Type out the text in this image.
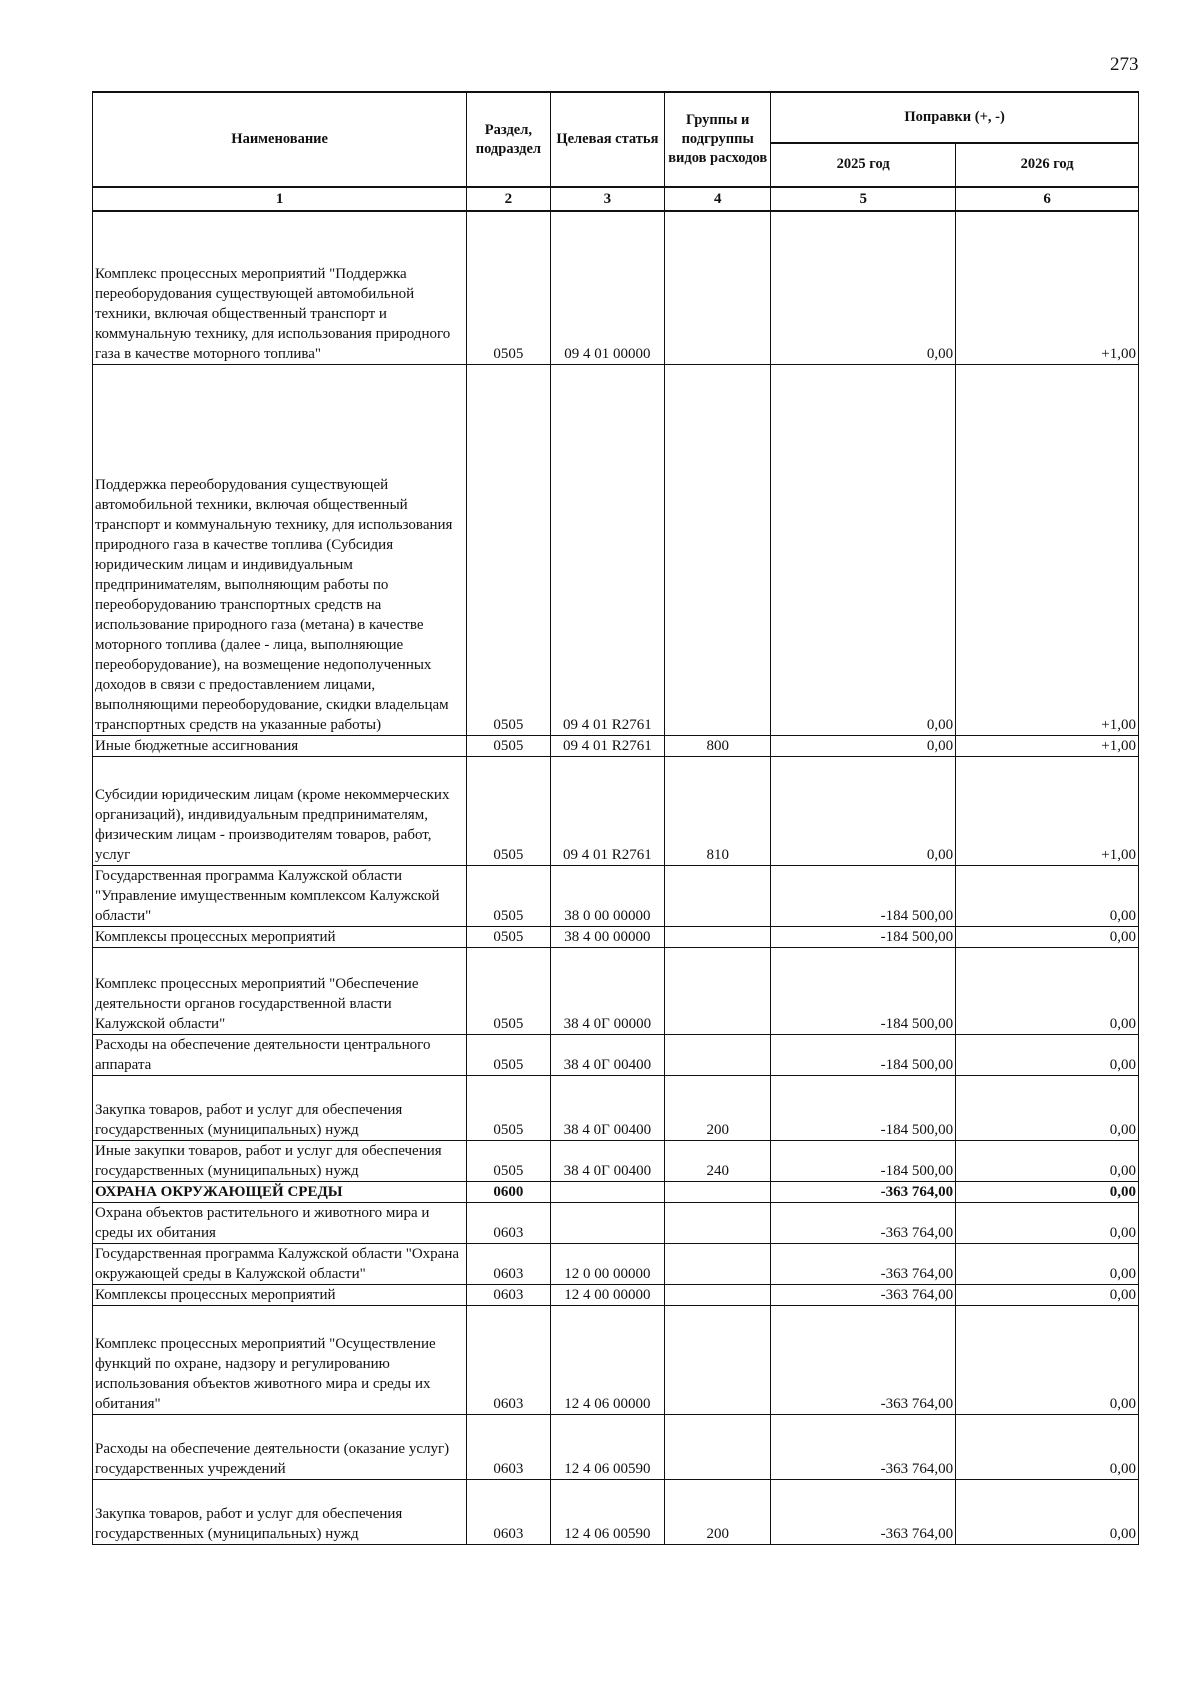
273
Наименование	Раздел, подраздел	Целевая статья	Группы и подгруппы видов расходов	Поправки (+, -)	
				2025 год	2026 год
1	2	3	4	5	6
Комплекс процессных мероприятий "Поддержка переоборудования существующей автомобильной техники, включая общественный транспорт и коммунальную технику, для использования природного газа в качестве моторного топлива"	0505	09 4 01 00000		0,00	+1,00
Поддержка переоборудования существующей автомобильной техники, включая общественный транспорт и коммунальную технику, для использования природного газа в качестве топлива (Субсидия юридическим лицам и индивидуальным предпринимателям, выполняющим работы по переоборудованию транспортных средств на использование природного газа (метана) в качестве моторного топлива (далее - лица, выполняющие переоборудование), на возмещение недополученных доходов в связи с предоставлением лицами, выполняющими переоборудование, скидки владельцам транспортных средств на указанные работы)	0505	09 4 01 R2761		0,00	+1,00
Иные бюджетные ассигнования	0505	09 4 01 R2761	800	0,00	+1,00
Субсидии юридическим лицам (кроме некоммерческих организаций), индивидуальным предпринимателям, физическим лицам - производителям товаров, работ, услуг	0505	09 4 01 R2761	810	0,00	+1,00
Государственная программа Калужской области "Управление имущественным комплексом Калужской области"	0505	38 0 00 00000		-184 500,00	0,00
Комплексы процессных мероприятий	0505	38 4 00 00000		-184 500,00	0,00
Комплекс процессных мероприятий "Обеспечение деятельности органов государственной власти Калужской области"	0505	38 4 0Г 00000		-184 500,00	0,00
Расходы на обеспечение деятельности центрального аппарата	0505	38 4 0Г 00400		-184 500,00	0,00
Закупка товаров, работ и услуг для обеспечения государственных (муниципальных) нужд	0505	38 4 0Г 00400	200	-184 500,00	0,00
Иные закупки товаров, работ и услуг для обеспечения государственных (муниципальных) нужд	0505	38 4 0Г 00400	240	-184 500,00	0,00
ОХРАНА ОКРУЖАЮЩЕЙ СРЕДЫ	0600			-363 764,00	0,00
Охрана объектов растительного и животного мира и среды их обитания	0603			-363 764,00	0,00
Государственная программа Калужской области "Охрана окружающей среды в Калужской области"	0603	12 0 00 00000		-363 764,00	0,00
Комплексы процессных мероприятий	0603	12 4 00 00000		-363 764,00	0,00
Комплекс процессных мероприятий "Осуществление функций по охране, надзору и регулированию использования объектов животного мира и среды их обитания"	0603	12 4 06 00000		-363 764,00	0,00
Расходы на обеспечение деятельности (оказание услуг) государственных учреждений	0603	12 4 06 00590		-363 764,00	0,00
Закупка товаров, работ и услуг для обеспечения государственных (муниципальных) нужд	0603	12 4 06 00590	200	-363 764,00	0,00
